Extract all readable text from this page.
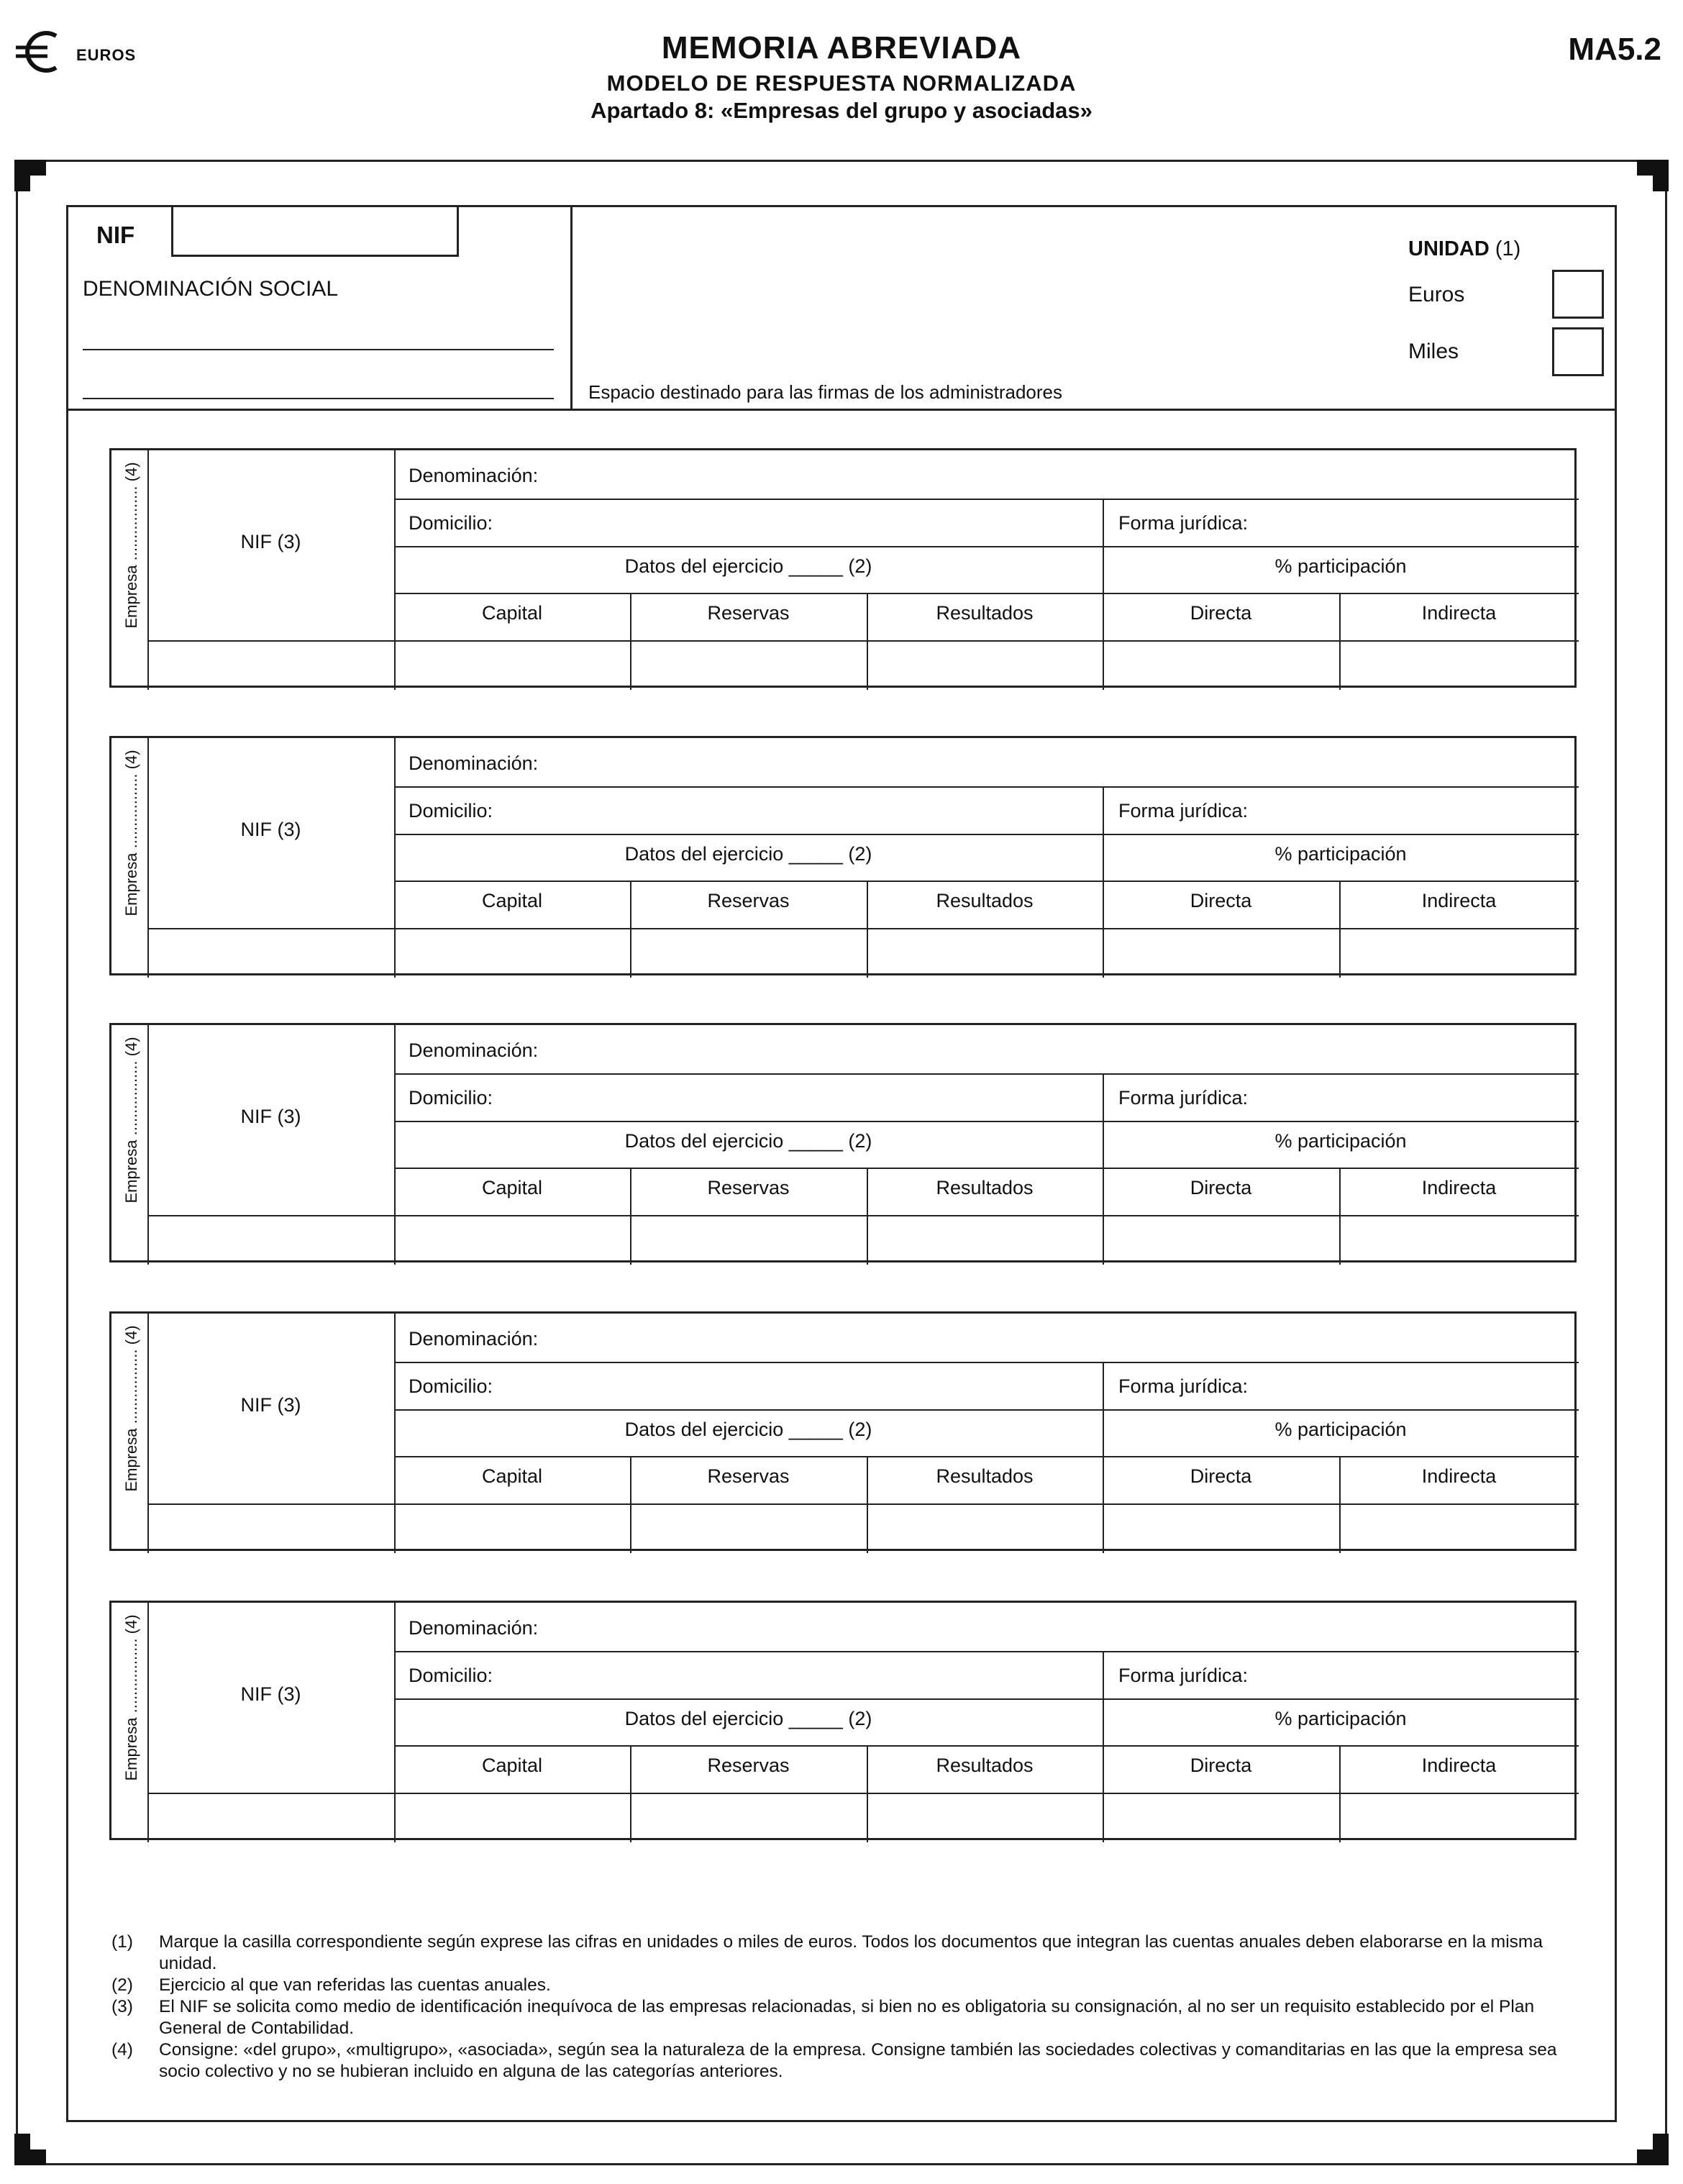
EUROS	MEMORIA ABREVIADA
MODELO DE RESPUESTA NORMALIZADA
Apartado 8: «Empresas del grupo y asociadas»
MA5.2
NIF
DENOMINACIÓN SOCIAL
Espacio destinado para las firmas de los administradores
UNIDAD (1)
Euros
Miles
Empresa ................. (4)	NIF (3)
Denominación:
Domicilio:	Forma jurídica:
Datos del ejercicio _____ (2)	% participación
Capital	Reservas	Resultados	Directa	Indirecta
Empresa ................. (4)	NIF (3)
Denominación:
Domicilio:	Forma jurídica:
Datos del ejercicio _____ (2)	% participación
Capital	Reservas	Resultados	Directa	Indirecta
Empresa ................. (4)	NIF (3)
Denominación:
Domicilio:	Forma jurídica:
Datos del ejercicio _____ (2)	% participación
Capital	Reservas	Resultados	Directa	Indirecta
Empresa ................. (4)	NIF (3)
Denominación:
Domicilio:	Forma jurídica:
Datos del ejercicio _____ (2)	% participación
Capital	Reservas	Resultados	Directa	Indirecta
Empresa ................. (4)	NIF (3)
Denominación:
Domicilio:	Forma jurídica:
Datos del ejercicio _____ (2)	% participación
Capital	Reservas	Resultados	Directa	Indirecta
(1)	Marque la casilla correspondiente según exprese las cifras en unidades o miles de euros. Todos los documentos que integran las cuentas anuales deben elaborarse en la misma unidad.
(2)	Ejercicio al que van referidas las cuentas anuales.
(3)	El NIF se solicita como medio de identificación inequívoca de las empresas relacionadas, si bien no es obligatoria su consignación, al no ser un requisito establecido por el Plan General de Contabilidad.
(4)	Consigne: «del grupo», «multigrupo», «asociada», según sea la naturaleza de la empresa. Consigne también las sociedades colectivas y comanditarias en las que la empresa sea socio colectivo y no se hubieran incluido en alguna de las categorías anteriores.
